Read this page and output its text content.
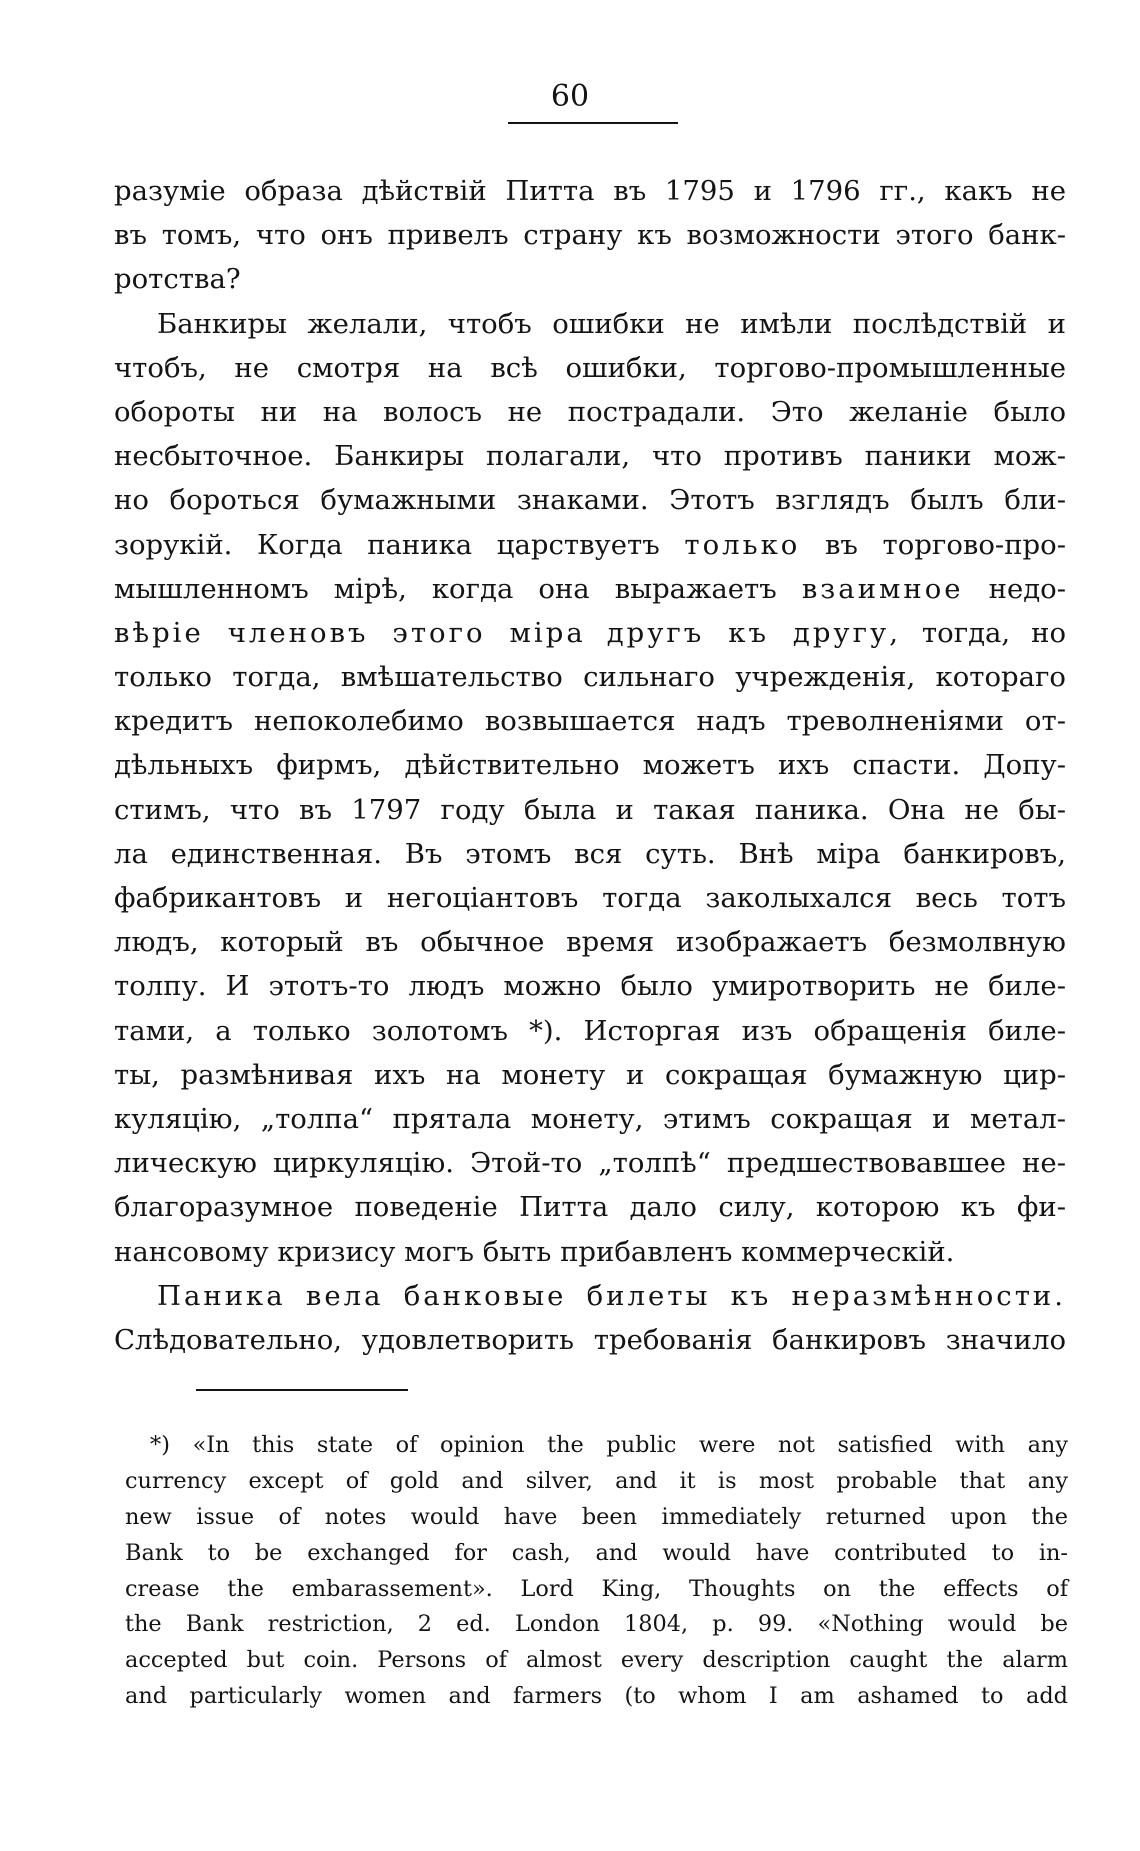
60
разумie образа дѣйствiй Питта въ 1795 и 1796 гг., какъ не
въ томъ, что онъ привелъ страну къ возможности этого банк-
ротства?
Банкиры желали, чтобъ ошибки не имѣли послѣдствiй и
чтобъ, не смотря на всѣ ошибки, торгово-промышленные
обороты ни на волосъ не пострадали. Это желанiе было
несбыточное. Банкиры полагали, что противъ паники мож-
но бороться бумажными знаками. Этотъ взглядъ былъ бли-
зорукiй. Когда паника царствуетъ только въ торгово-про-
мышленномъ мiрѣ, когда она выражаетъ взаимное недо-
вѣрie членовъ этого мiра другъ къ другу, тогда, но
только тогда, вмѣшательство сильнаго учрежденiя, котораго
кредитъ непоколебимо возвышается надъ треволненiями от-
дѣльныхъ фирмъ, дѣйствительно можетъ ихъ спасти. Допу-
стимъ, что въ 1797 году была и такая паника. Она не бы-
ла единственная. Въ этомъ вся суть. Внѣ мiра банкировъ,
фабрикантовъ и негоцiантовъ тогда заколыхался весь тотъ
людъ, который въ обычное время изображаетъ безмолвную
толпу. И этотъ-то людъ можно было умиротворить не биле-
тами, а только золотомъ *). Исторгая изъ обращенiя биле-
ты, размѣнивая ихъ на монету и сокращая бумажную цир-
куляцiю, „толпа“ прятала монету, этимъ сокращая и метал-
лическую циркуляцiю. Этой-то „толпѣ“ предшествовавшее не-
благоразумное поведенiе Питта дало силу, которою къ фи-
нансовому кризису могъ быть прибавленъ коммерческiй.
Паника вела банковые билеты къ неразмѣнности.
Слѣдовательно, удовлетворить требованiя банкировъ значило
*) «In this state of opinion the public were not satisfied with any
currency except of gold and silver, and it is most probable that any
new issue of notes would have been immediately returned upon the
Bank to be exchanged for cash, and would have contributed to in-
crease the embarassement». Lord King, Thoughts on the effects of
the Bank restriction, 2 ed. London 1804, p. 99. «Nothing would be
accepted but coin. Persons of almost every description caught the alarm
and particularly women and farmers (to whom I am ashamed to add
